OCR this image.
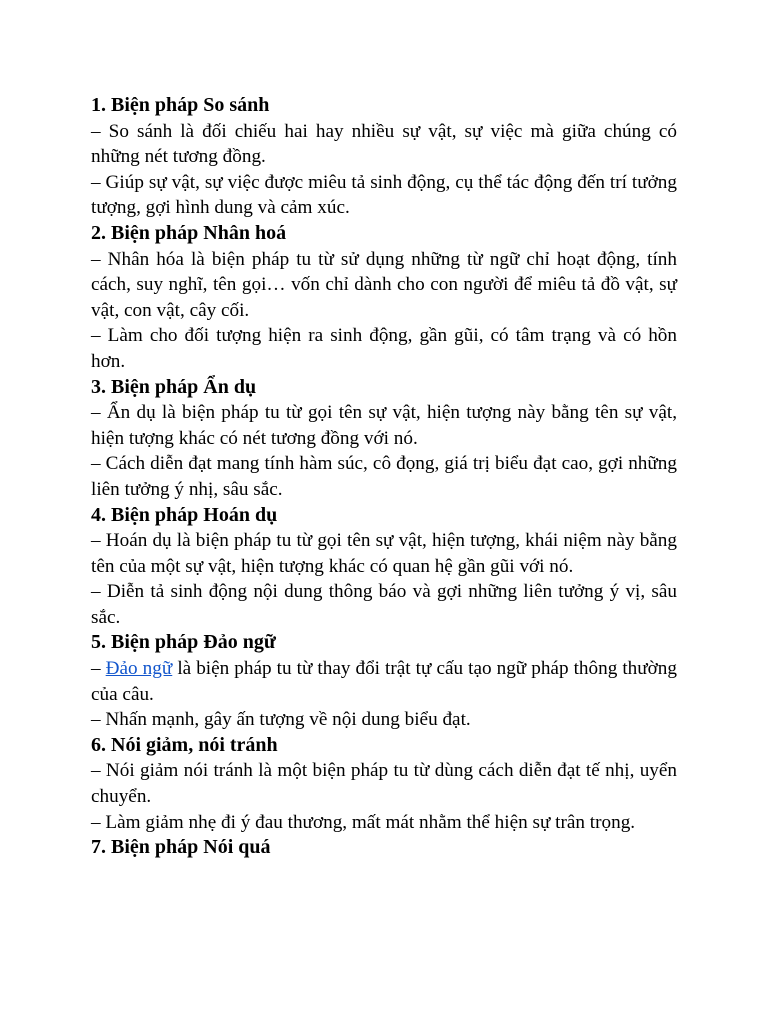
1. Biện pháp So sánh

– So sánh là đối chiếu hai hay nhiều sự vật, sự việc mà giữa chúng có những nét tương đồng.

– Giúp sự vật, sự việc được miêu tả sinh động, cụ thể tác động đến trí tưởng tượng, gợi hình dung và cảm xúc.

2. Biện pháp Nhân hoá

– Nhân hóa là biện pháp tu từ sử dụng những từ ngữ chỉ hoạt động, tính cách, suy nghĩ, tên gọi… vốn chỉ dành cho con người để miêu tả đồ vật, sự vật, con vật, cây cối.

– Làm cho đối tượng hiện ra sinh động, gần gũi, có tâm trạng và có hồn hơn.

3. Biện pháp Ẩn dụ

– Ẩn dụ là biện pháp tu từ gọi tên sự vật, hiện tượng này bằng tên sự vật, hiện tượng khác có nét tương đồng với nó.

– Cách diễn đạt mang tính hàm súc, cô đọng, giá trị biểu đạt cao, gợi những liên tưởng ý nhị, sâu sắc.

4. Biện pháp Hoán dụ

– Hoán dụ là biện pháp tu từ gọi tên sự vật, hiện tượng, khái niệm này bằng tên của một sự vật, hiện tượng khác có quan hệ gần gũi với nó.

– Diễn tả sinh động nội dung thông báo và gợi những liên tưởng ý vị, sâu sắc.

5. Biện pháp Đảo ngữ

– Đảo ngữ là biện pháp tu từ thay đổi trật tự cấu tạo ngữ pháp thông thường của câu.

– Nhấn mạnh, gây ấn tượng về nội dung biểu đạt.

6. Nói giảm, nói tránh

– Nói giảm nói tránh là một biện pháp tu từ dùng cách diễn đạt tế nhị, uyển chuyển.

– Làm giảm nhẹ đi ý đau thương, mất mát nhằm thể hiện sự trân trọng.

7. Biện pháp Nói quá
